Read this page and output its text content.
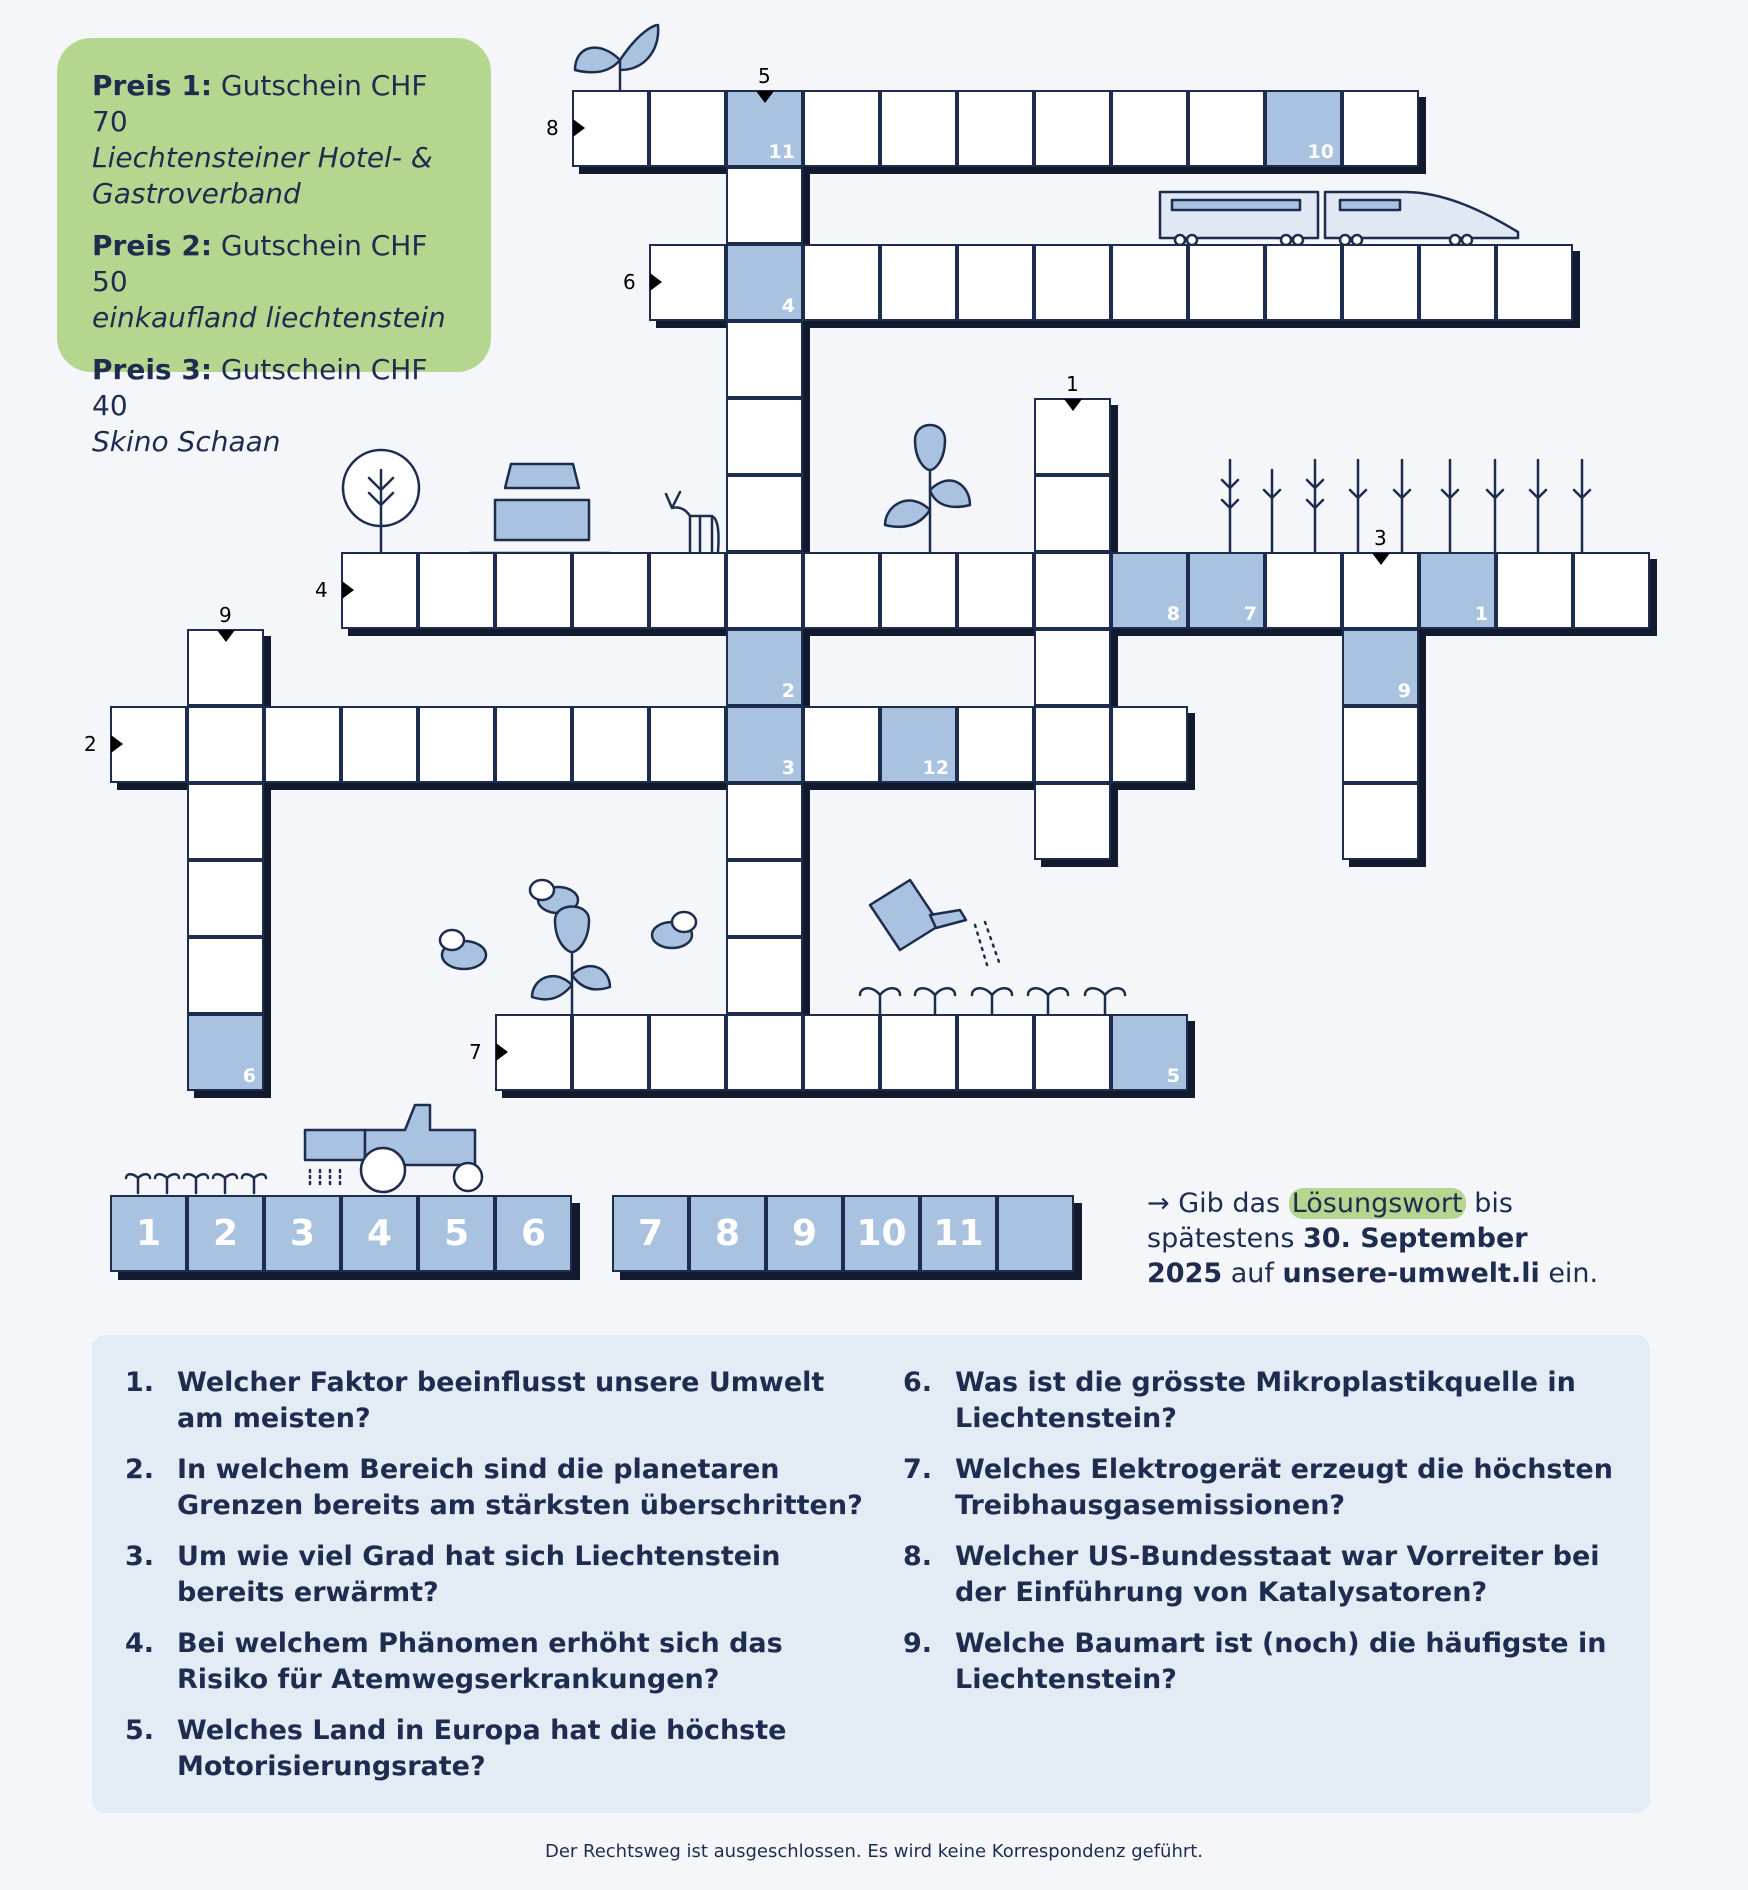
Preis 1: Gutschein CHF 70
Liechtensteiner Hotel- & Gastroverband
Preis 2: Gutschein CHF 50
einkaufland liechtenstein
Preis 3: Gutschein CHF 40
Skino Schaan
11	10
4
8	7	1
3	12
5
2	9
6
8
6
4
2
7
5
1
3
9
1	2	3	4	5	6	7	8	9	10 11
→ Gib das Lösungswort bis spätestens 30. September 2025 auf unsere-umwelt.li ein.
1. Welcher Faktor beeinflusst unsere Umwelt am meisten?
2. In welchem Bereich sind die planetaren Grenzen bereits am stärksten überschritten?
3. Um wie viel Grad hat sich Liechtenstein bereits erwärmt?
4. Bei welchem Phänomen erhöht sich das Risiko für Atemwegserkrankungen?
5. Welches Land in Europa hat die höchste Motorisierungsrate?
6. Was ist die grösste Mikroplastikquelle in Liechtenstein?
7. Welches Elektrogerät erzeugt die höchsten Treibhausgasemissionen?
8. Welcher US-Bundesstaat war Vorreiter bei der Einführung von Katalysatoren?
9. Welche Baumart ist (noch) die häufigste in Liechtenstein?
Der Rechtsweg ist ausgeschlossen. Es wird keine Korrespondenz geführt.
